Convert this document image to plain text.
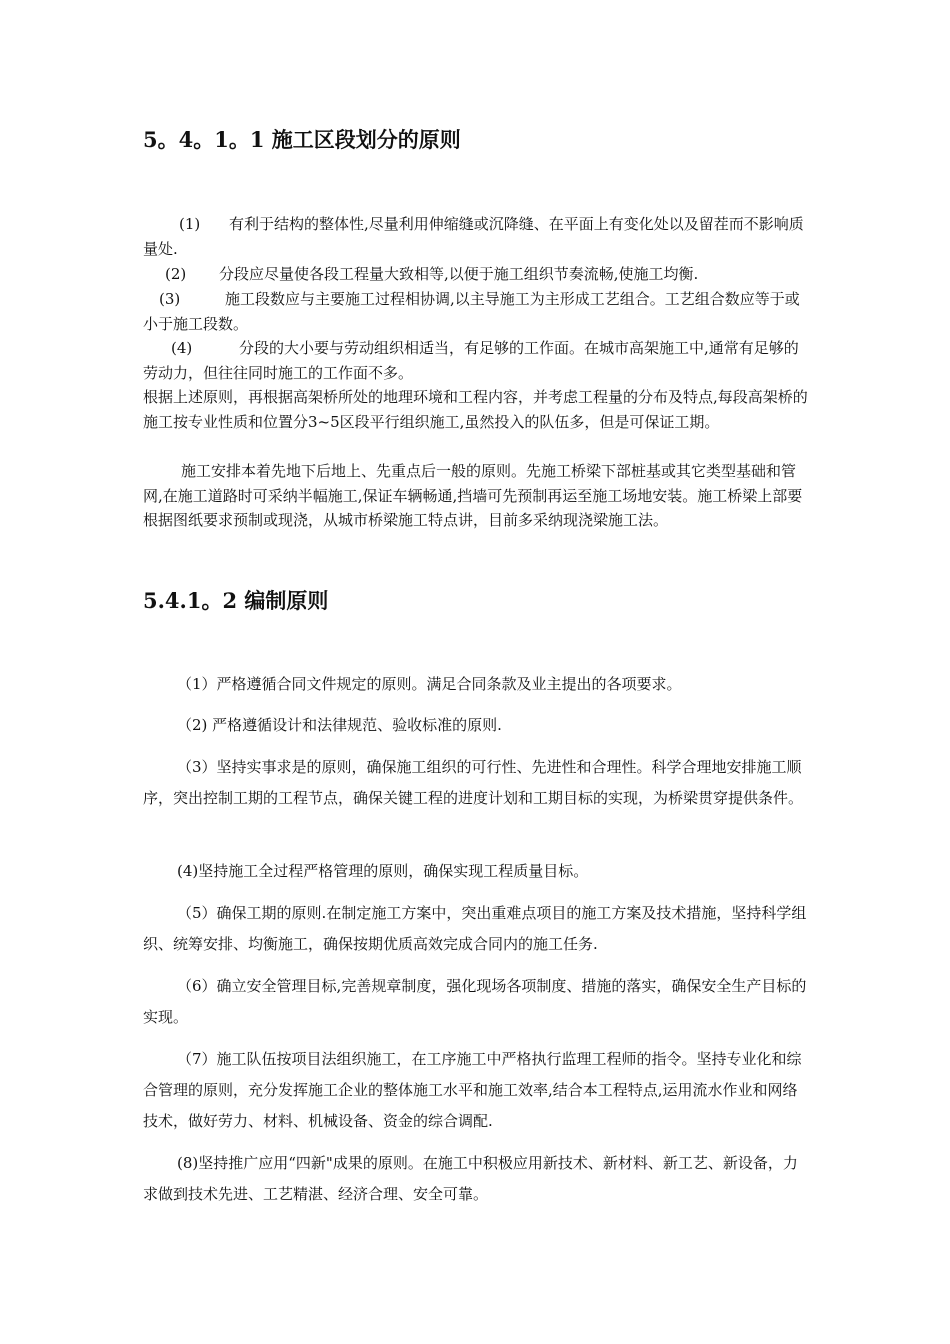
5。4。1。1 施工区段划分的原则

(1) 有利于结构的整体性,尽量利用伸缩缝或沉降缝、在平面上有变化处以及留茬而不影响质量处.

(2) 分段应尽量使各段工程量大致相等,以便于施工组织节奏流畅,使施工均衡.

(3)	施工段数应与主要施工过程相协调,以主导施工为主形成工艺组合。工艺组合数应等于或小于施工段数。

(4)	分段的大小要与劳动组织相适当，有足够的工作面。在城市高架施工中,通常有足够的劳动力，但往往同时施工的工作面不多。

根据上述原则，再根据高架桥所处的地理环境和工程内容，并考虑工程量的分布及特点,每段高架桥的施工按专业性质和位置分3~5区段平行组织施工,虽然投入的队伍多，但是可保证工期。

施工安排本着先地下后地上、先重点后一般的原则。先施工桥梁下部桩基或其它类型基础和管网,在施工道路时可采纳半幅施工,保证车辆畅通,挡墙可先预制再运至施工场地安装。施工桥梁上部要根据图纸要求预制或现浇，从城市桥梁施工特点讲，目前多采纳现浇梁施工法。

5.4.1。2 编制原则

（1）严格遵循合同文件规定的原则。满足合同条款及业主提出的各项要求。

（2) 严格遵循设计和法律规范、验收标准的原则.

（3）坚持实事求是的原则，确保施工组织的可行性、先进性和合理性。科学合理地安排施工顺序，突出控制工期的工程节点，确保关键工程的进度计划和工期目标的实现，为桥梁贯穿提供条件。

(4)坚持施工全过程严格管理的原则，确保实现工程质量目标。

（5）确保工期的原则.在制定施工方案中，突出重难点项目的施工方案及技术措施，坚持科学组织、统筹安排、均衡施工，确保按期优质高效完成合同内的施工任务.

（6）确立安全管理目标,完善规章制度，强化现场各项制度、措施的落实，确保安全生产目标的实现。

（7）施工队伍按项目法组织施工，在工序施工中严格执行监理工程师的指令。坚持专业化和综合管理的原则，充分发挥施工企业的整体施工水平和施工效率,结合本工程特点,运用流水作业和网络技术，做好劳力、材料、机械设备、资金的综合调配.

(8)坚持推广应用“四新"成果的原则。在施工中积极应用新技术、新材料、新工艺、新设备，力求做到技术先进、工艺精湛、经济合理、安全可靠。
